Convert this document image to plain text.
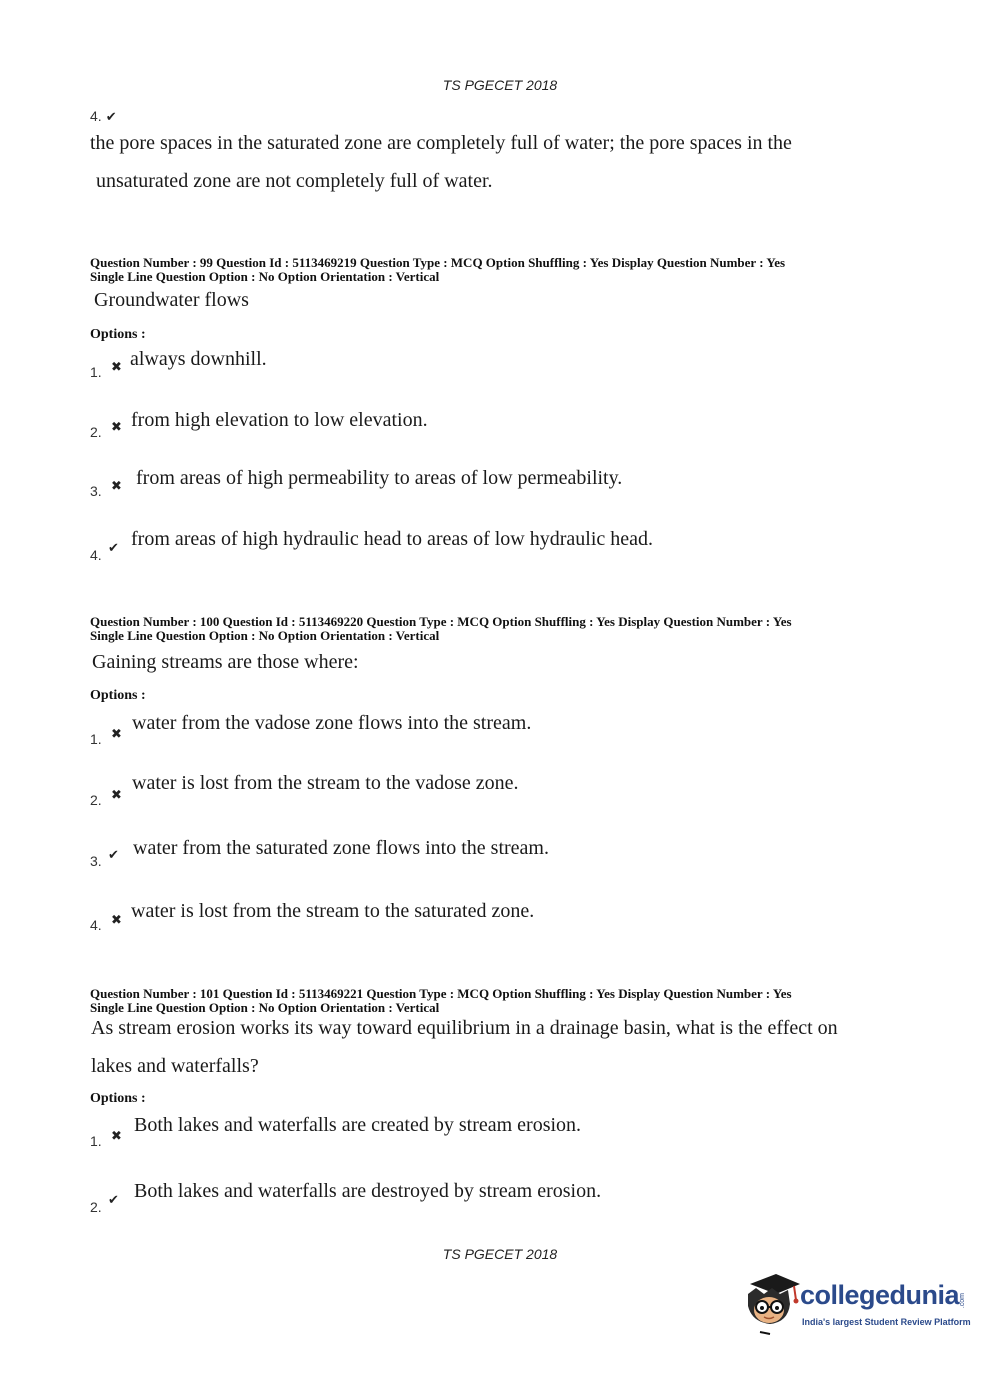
TS PGECET 2018
4. ✔
the pore spaces in the saturated zone are completely full of water; the pore spaces in the
unsaturated zone are not completely full of water.
Question Number : 99 Question Id : 5113469219 Question Type : MCQ Option Shuffling : Yes Display Question Number : Yes
Single Line Question Option : No Option Orientation : Vertical
Groundwater flows
Options :
1. ✖ always downhill.
2. ✖ from high elevation to low elevation.
3. ✖ from areas of high permeability to areas of low permeability.
4. ✔ from areas of high hydraulic head to areas of low hydraulic head.
Question Number : 100 Question Id : 5113469220 Question Type : MCQ Option Shuffling : Yes Display Question Number : Yes
Single Line Question Option : No Option Orientation : Vertical
Gaining streams are those where:
Options :
1. ✖
water from the vadose zone flows into the stream.
2. ✖
water is lost from the stream to the vadose zone.
3. ✔ water from the saturated zone flows into the stream.
4. ✖ water is lost from the stream to the saturated zone.
Question Number : 101 Question Id : 5113469221 Question Type : MCQ Option Shuffling : Yes Display Question Number : Yes
Single Line Question Option : No Option Orientation : Vertical
As stream erosion works its way toward equilibrium in a drainage basin, what is the effect on
lakes and waterfalls?
Options :
1. ✖
Both lakes and waterfalls are created by stream erosion.
2. ✔ Both lakes and waterfalls are destroyed by stream erosion.
TS PGECET 2018
collegedunia.com
India's largest Student Review Platform
